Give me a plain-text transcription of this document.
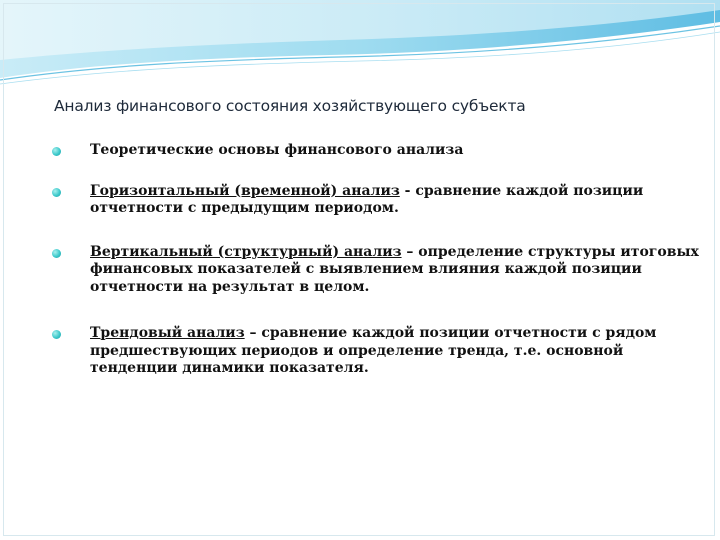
Анализ финансового состояния хозяйствующего субъекта
Теоретические основы финансового анализа
Горизонтальный (временной) анализ - сравнение каждой позиции отчетности с предыдущим периодом.
Вертикальный (структурный) анализ – определение структуры итоговых финансовых показателей с выявлением влияния каждой позиции отчетности на результат в целом.
Трендовый анализ – сравнение каждой позиции отчетности с рядом предшествующих периодов и определение тренда, т.е. основной тенденции динамики показателя.
